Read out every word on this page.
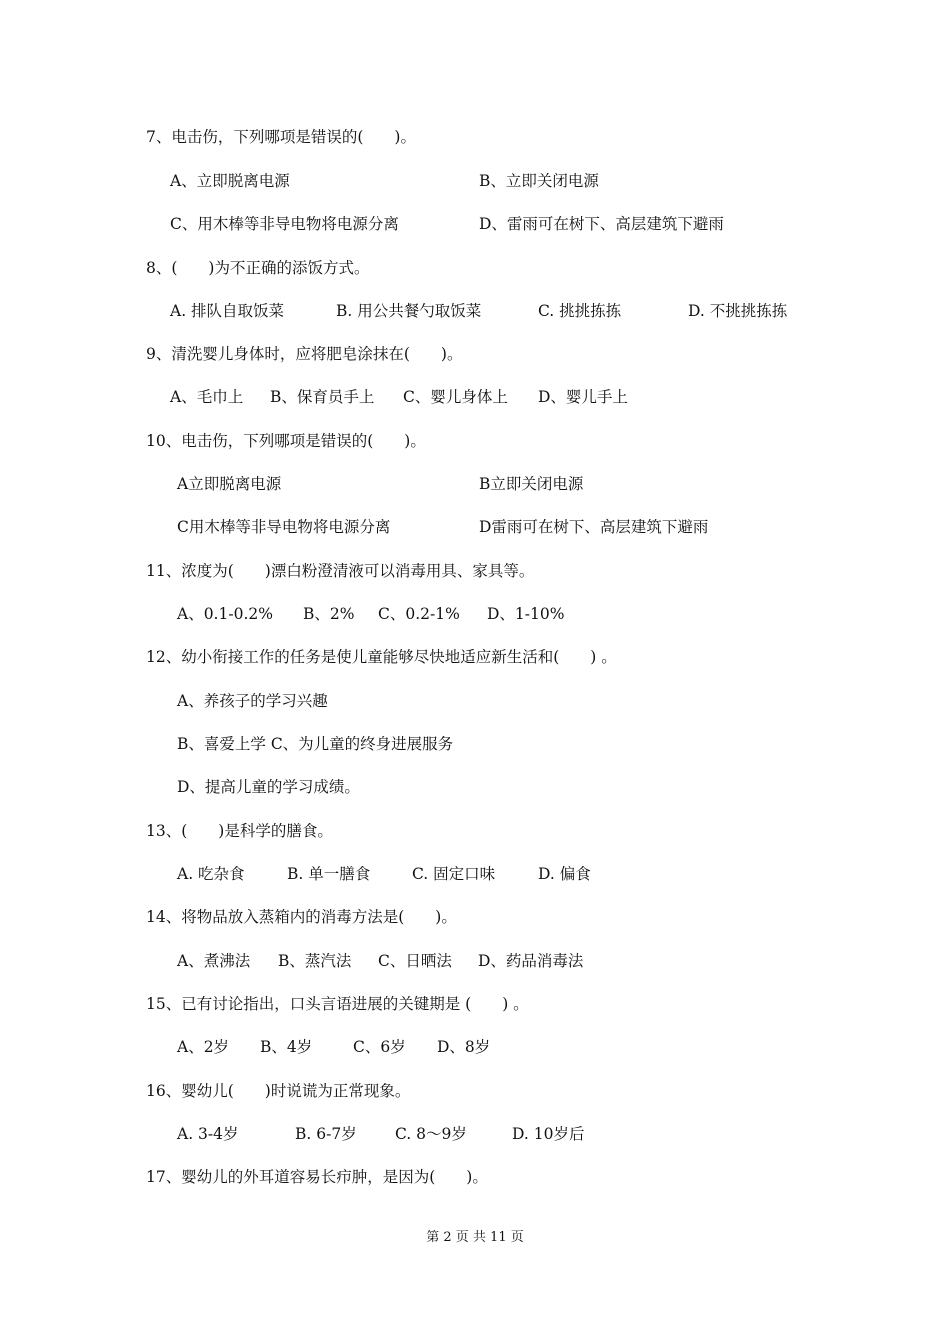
7、电击伤，下列哪项是错误的(　　)。
A、立即脱离电源	B、立即关闭电源
C、用木棒等非导电物将电源分离	D、雷雨可在树下、高层建筑下避雨
8、(　　)为不正确的添饭方式。
A. 排队自取饭菜	B. 用公共餐勺取饭菜	C. 挑挑拣拣	D. 不挑挑拣拣
9、清洗婴儿身体时，应将肥皂涂抹在(　　)。
A、毛巾上 B、保育员手上 C、婴儿身体上 D、婴儿手上
10、电击伤，下列哪项是错误的(　　)。
A立即脱离电源	B立即关闭电源
C用木棒等非导电物将电源分离	D雷雨可在树下、高层建筑下避雨
11、浓度为(　　)漂白粉澄清液可以消毒用具、家具等。
A、0.1-0.2% B、2% C、0.2-1% D、1-10%
12、幼小衔接工作的任务是使儿童能够尽快地适应新生活和(　　) 。
A、养孩子的学习兴趣
B、喜爱上学 C、为儿童的终身进展服务
D、提高儿童的学习成绩。
13、(　　)是科学的膳食。
A. 吃杂食	B. 单一膳食	C. 固定口味	D. 偏食
14、将物品放入蒸箱内的消毒方法是(　　)。
A、煮沸法 B、蒸汽法 C、日晒法 D、药品消毒法
15、已有讨论指出，口头言语进展的关键期是 (　　) 。
A、2岁 B、4岁	C、6岁 D、8岁
16、婴幼儿(　　)时说谎为正常现象。
A. 3-4岁	B. 6-7岁 C. 8～9岁	D. 10岁后
17、婴幼儿的外耳道容易长疖肿，是因为(　　)。
第 2 页 共 11 页
